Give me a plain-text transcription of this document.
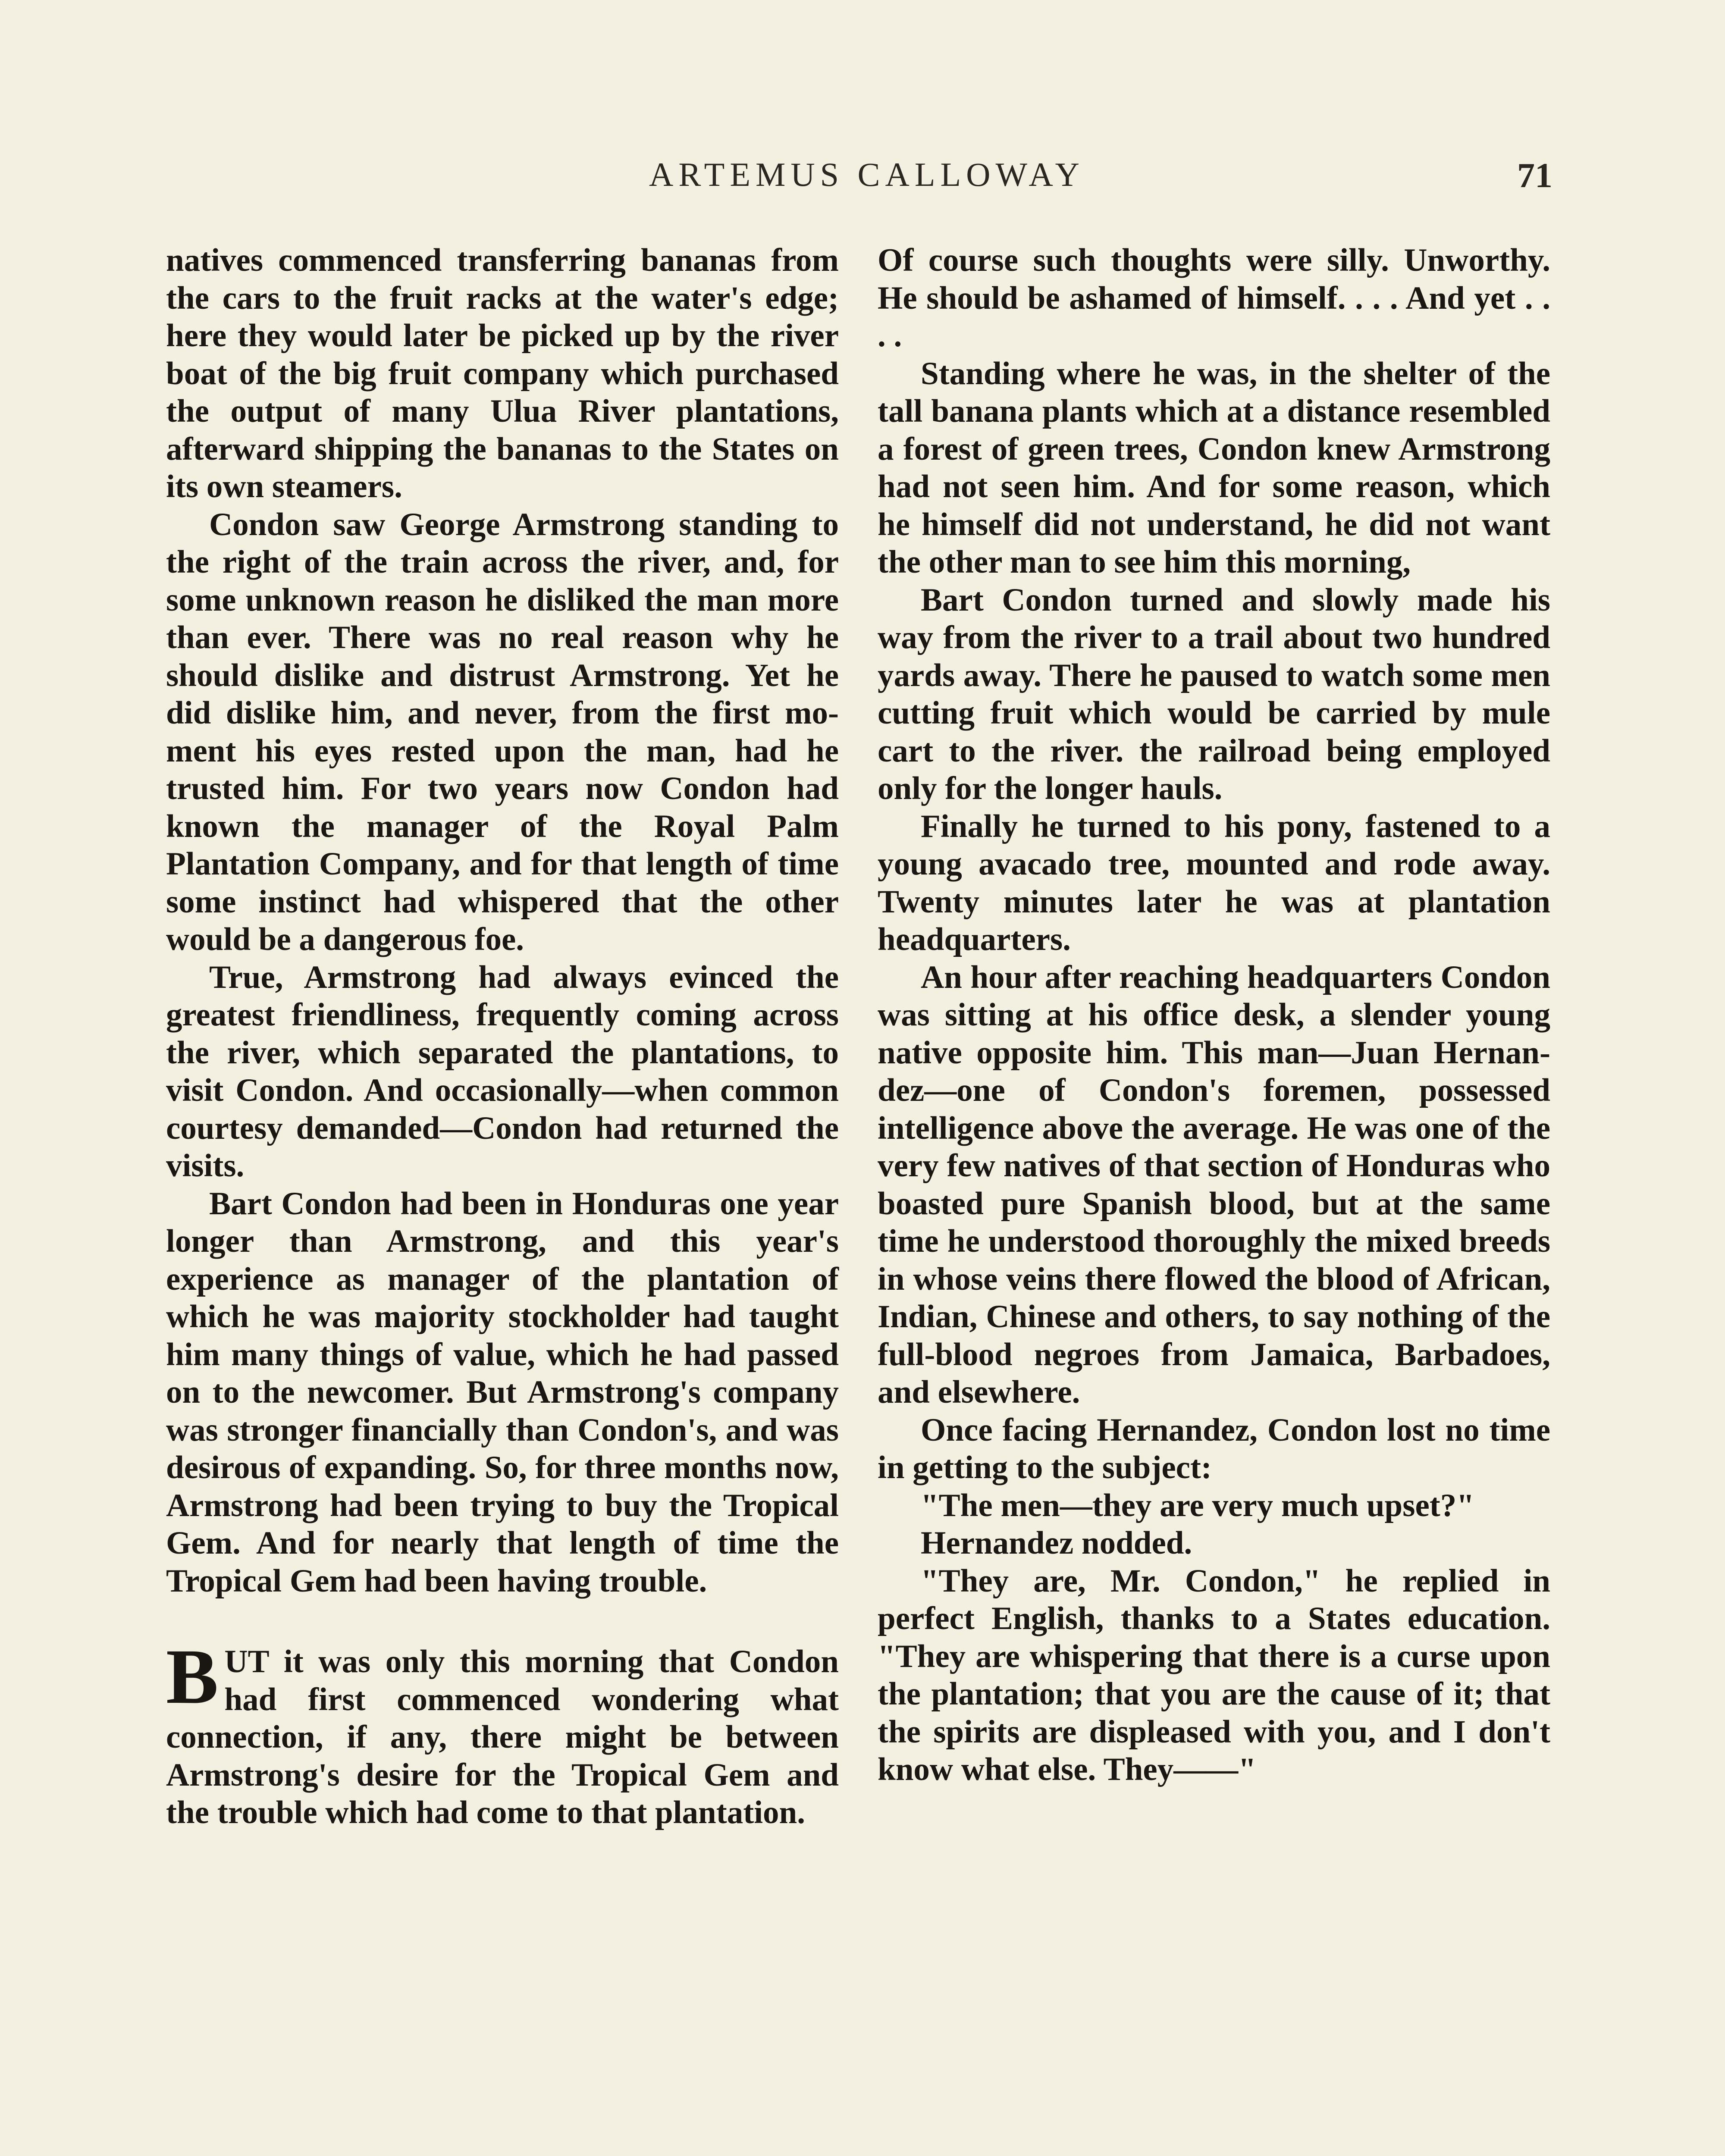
ARTEMUS CALLOWAY	71

natives commenced transferring bananas from the cars to the fruit racks at the water's edge; here they would later be picked up by the river boat of the big fruit company which purchased the output of many Ulua River plantations, afterward shipping the bananas to the States on its own steamers.

Condon saw George Armstrong standing to the right of the train across the river, and, for some unknown reason he disliked the man more than ever. There was no real reason why he should dislike and distrust Armstrong. Yet he did dislike him, and never, from the first moment his eyes rested upon the man, had he trusted him. For two years now Condon had known the manager of the Royal Palm Plantation Company, and for that length of time some instinct had whispered that the other would be a dangerous foe.

True, Armstrong had always evinced the greatest friendliness, frequently coming across the river, which separated the plantations, to visit Condon. And occasionally—when common courtesy demanded—Condon had returned the visits.

Bart Condon had been in Honduras one year longer than Armstrong, and this year's experience as manager of the plantation of which he was majority stockholder had taught him many things of value, which he had passed on to the newcomer. But Armstrong's company was stronger financially than Condon's, and was desirous of expanding. So, for three months now, Armstrong had been trying to buy the Tropical Gem. And for nearly that length of time the Tropical Gem had been having trouble.

BUT it was only this morning that Condon had first commenced wondering what connection, if any, there might be between Armstrong's desire for the Tropical Gem and the trouble which had come to that plantation.

Of course such thoughts were silly. Unworthy. He should be ashamed of himself. . . . And yet . . . .

Standing where he was, in the shelter of the tall banana plants which at a distance resembled a forest of green trees, Condon knew Armstrong had not seen him. And for some reason, which he himself did not understand, he did not want the other man to see him this morning,

Bart Condon turned and slowly made his way from the river to a trail about two hundred yards away. There he paused to watch some men cutting fruit which would be carried by mule cart to the river. the railroad being employed only for the longer hauls.

Finally he turned to his pony, fastened to a young avacado tree, mounted and rode away. Twenty minutes later he was at plantation headquarters.

An hour after reaching headquarters Condon was sitting at his office desk, a slender young native opposite him. This man—Juan Hernandez—one of Condon's foremen, possessed intelligence above the average. He was one of the very few natives of that section of Honduras who boasted pure Spanish blood, but at the same time he understood thoroughly the mixed breeds in whose veins there flowed the blood of African, Indian, Chinese and others, to say nothing of the full-blood negroes from Jamaica, Barbadoes, and elsewhere.

Once facing Hernandez, Condon lost no time in getting to the subject:

"The men—they are very much upset?"

Hernandez nodded.

"They are, Mr. Condon," he replied in perfect English, thanks to a States education. "They are whispering that there is a curse upon the plantation; that you are the cause of it; that the spirits are displeased with you, and I don't know what else. They——"
